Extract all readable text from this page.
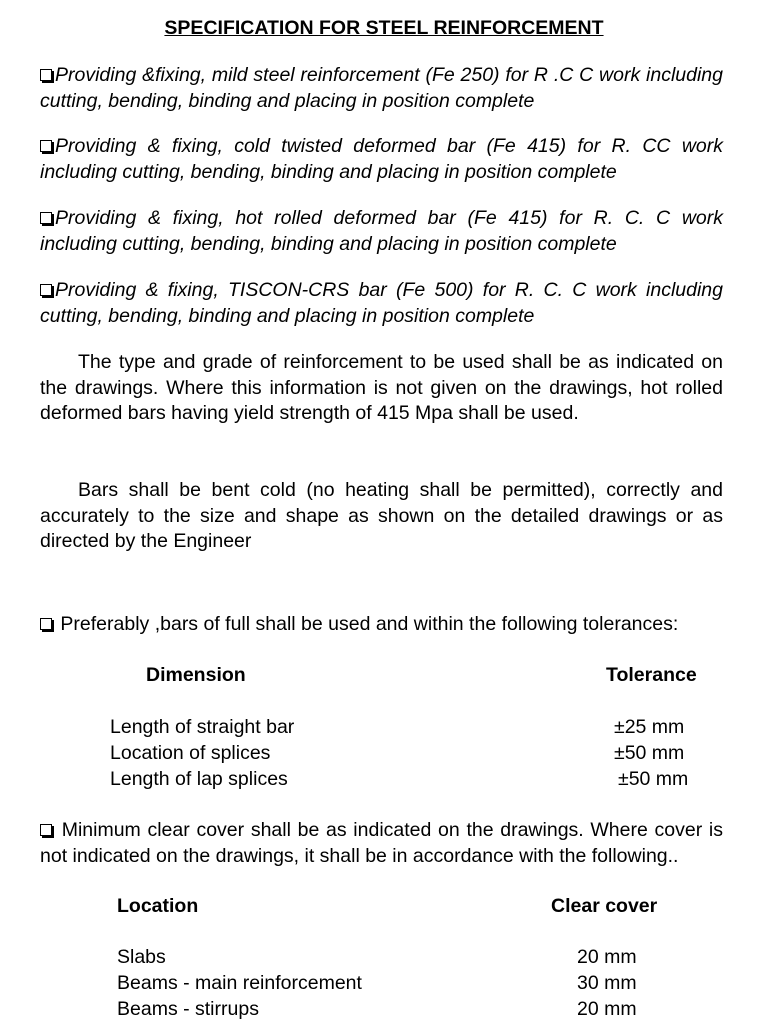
SPECIFICATION FOR STEEL REINFORCEMENT
Providing &fixing, mild steel reinforcement (Fe 250) for R .C C work including cutting, bending, binding and placing in position complete
Providing & fixing, cold twisted deformed bar (Fe 415) for R. CC work including cutting, bending, binding and placing in position complete
Providing & fixing, hot rolled deformed bar (Fe 415) for R. C. C work including cutting, bending, binding and placing in position complete
Providing & fixing, TISCON-CRS bar (Fe 500) for R. C. C work including cutting, bending, binding and placing in position complete
The type and grade of reinforcement to be used shall be as indicated on the drawings. Where this information is not given on the drawings, hot rolled deformed bars having yield strength of 415 Mpa shall be used.
Bars shall be bent cold (no heating shall be permitted), correctly and accurately to the size and shape as shown on the detailed drawings or as directed by the Engineer
Preferably ,bars of full shall be used and within the following tolerances:
Dimension	Tolerance
Length of straight bar	±25 mm
Location of splices	±50 mm
Length of lap splices	±50 mm
Minimum clear cover shall be as indicated on the drawings. Where cover is not indicated on the drawings, it shall be in accordance with the following..
Location	Clear cover
Slabs	20 mm
Beams - main reinforcement	30 mm
Beams - stirrups	20 mm
